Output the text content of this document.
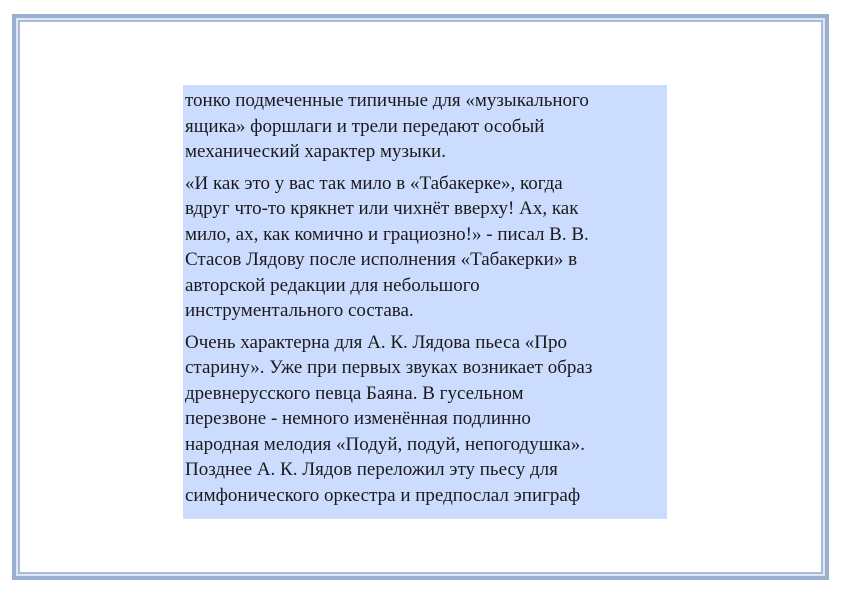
тонко подмеченные типичные для «музыкального
ящика» форшлаги и трели передают особый
механический характер музыки.

«И как это у вас так мило в «Табакерке», когда
вдруг что-то крякнет или чихнёт вверху! Ах, как
мило, ах, как комично и грациозно!» - писал В. В.
Стасов Лядову после исполнения «Табакерки» в
авторской редакции для небольшого
инструментального состава.

Очень характерна для А. К. Лядова пьеса «Про
старину». Уже при первых звуках возникает образ
древнерусского певца Баяна. В гусельном
перезвоне - немного изменённая подлинно
народная мелодия «Подуй, подуй, непогодушка».
Позднее А. К. Лядов переложил эту пьесу для
симфонического оркестра и предпослал эпиграф
